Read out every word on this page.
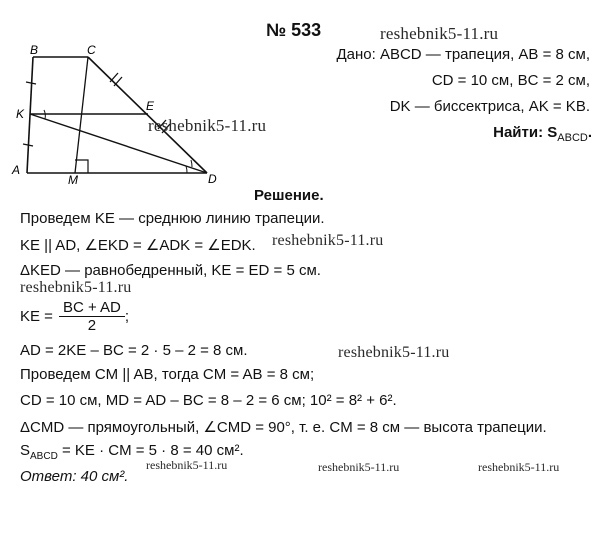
№ 533	reshebnik5-11.ru
Дано: ABCD — трапеция, AB = 8 см,
CD = 10 см, BC = 2 см,
DK — биссектриса, AK = KB.
Найти: $S_{ABCD}$.
B	C
K
E
A
M	D
reshebnik5-11.ru
Решение.
Проведем KE — среднюю линию трапеции.
KE || AD, ∠EKD = ∠ADK = ∠EDK. reshebnik5-11.ru
ΔKED — равнобедренный, KE = ED = 5 см.
reshebnik5-11.ru
KE = $\frac{BC + AD}{2}$ ;
AD = 2KE – BC = 2 · 5 – 2 = 8 см.	reshebnik5-11.ru
Проведем CM || AB, тогда CM = AB = 8 см;
CD = 10 см, MD = AD – BC = 8 – 2 = 6 см; 10² = 8² + 6².
ΔCMD — прямоугольный, ∠CMD = 90°, т. е. CM = 8 см — высота трапеции.
$S_{ABCD}$ = KE · CM = 5 · 8 = 40 см².
reshebnik5-11.ru	reshebnik5-11.ru	reshebnik5-11.ru
Ответ: 40 см².
